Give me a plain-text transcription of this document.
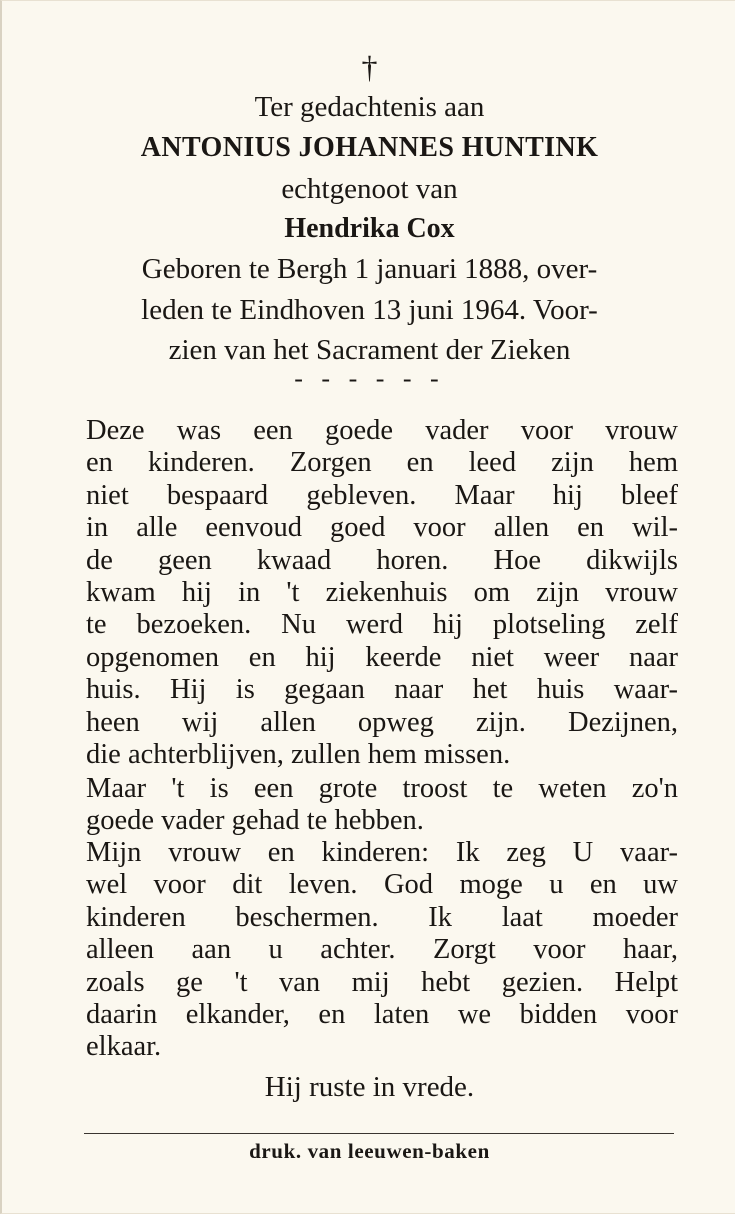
†
Ter gedachtenis aan
ANTONIUS JOHANNES HUNTINK
echtgenoot van
Hendrika Cox
Geboren te Bergh 1 januari 1888, over-
leden te Eindhoven 13 juni 1964. Voor-
zien van het Sacrament der Zieken
- - - - - -
Deze was een goede vader voor vrouw
en kinderen. Zorgen en leed zijn hem
niet bespaard gebleven. Maar hij bleef
in alle eenvoud goed voor allen en wil-
de geen kwaad horen. Hoe dikwijls
kwam hij in 't ziekenhuis om zijn vrouw
te bezoeken. Nu werd hij plotseling zelf
opgenomen en hij keerde niet weer naar
huis. Hij is gegaan naar het huis waar-
heen wij allen opweg zijn. Dezijnen,
die achterblijven, zullen hem missen.
Maar 't is een grote troost te weten zo'n
goede vader gehad te hebben.
Mijn vrouw en kinderen: Ik zeg U vaar-
wel voor dit leven. God moge u en uw
kinderen beschermen. Ik laat moeder
alleen aan u achter. Zorgt voor haar,
zoals ge 't van mij hebt gezien. Helpt
daarin elkander, en laten we bidden voor
elkaar.
Hij ruste in vrede.
druk. van leeuwen-baken
